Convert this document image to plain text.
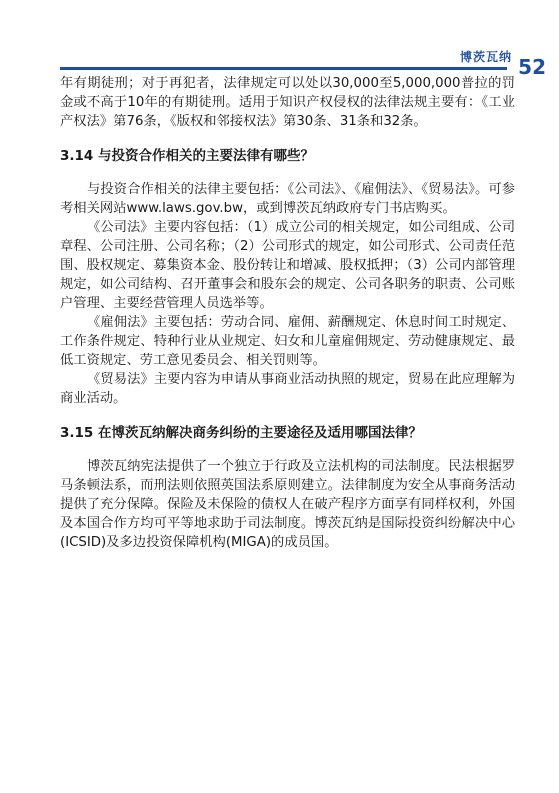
博茨瓦纳 52

年有期徒刑；对于再犯者，法律规定可以处以30,000至5,000,000普拉的罚金或不高于10年的有期徒刑。适用于知识产权侵权的法律法规主要有：《工业产权法》第76条，《版权和邻接权法》第30条、31条和32条。

3.14 与投资合作相关的主要法律有哪些？

与投资合作相关的法律主要包括：《公司法》、《雇佣法》、《贸易法》。可参考相关网站www.laws.gov.bw，或到博茨瓦纳政府专门书店购买。

《公司法》主要内容包括：（1）成立公司的相关规定，如公司组成、公司章程、公司注册、公司名称；（2）公司形式的规定，如公司形式、公司责任范围、股权规定、募集资本金、股份转让和增减、股权抵押；（3）公司内部管理规定，如公司结构、召开董事会和股东会的规定、公司各职务的职责、公司账户管理、主要经营管理人员选举等。

《雇佣法》主要包括：劳动合同、雇佣、薪酬规定、休息时间工时规定、工作条件规定、特种行业从业规定、妇女和儿童雇佣规定、劳动健康规定、最低工资规定、劳工意见委员会、相关罚则等。

《贸易法》主要内容为申请从事商业活动执照的规定，贸易在此应理解为商业活动。

3.15 在博茨瓦纳解决商务纠纷的主要途径及适用哪国法律？

博茨瓦纳宪法提供了一个独立于行政及立法机构的司法制度。民法根据罗马条顿法系，而刑法则依照英国法系原则建立。法律制度为安全从事商务活动提供了充分保障。保险及未保险的债权人在破产程序方面享有同样权利，外国及本国合作方均可平等地求助于司法制度。博茨瓦纳是国际投资纠纷解决中心(ICSID)及多边投资保障机构(MIGA)的成员国。
